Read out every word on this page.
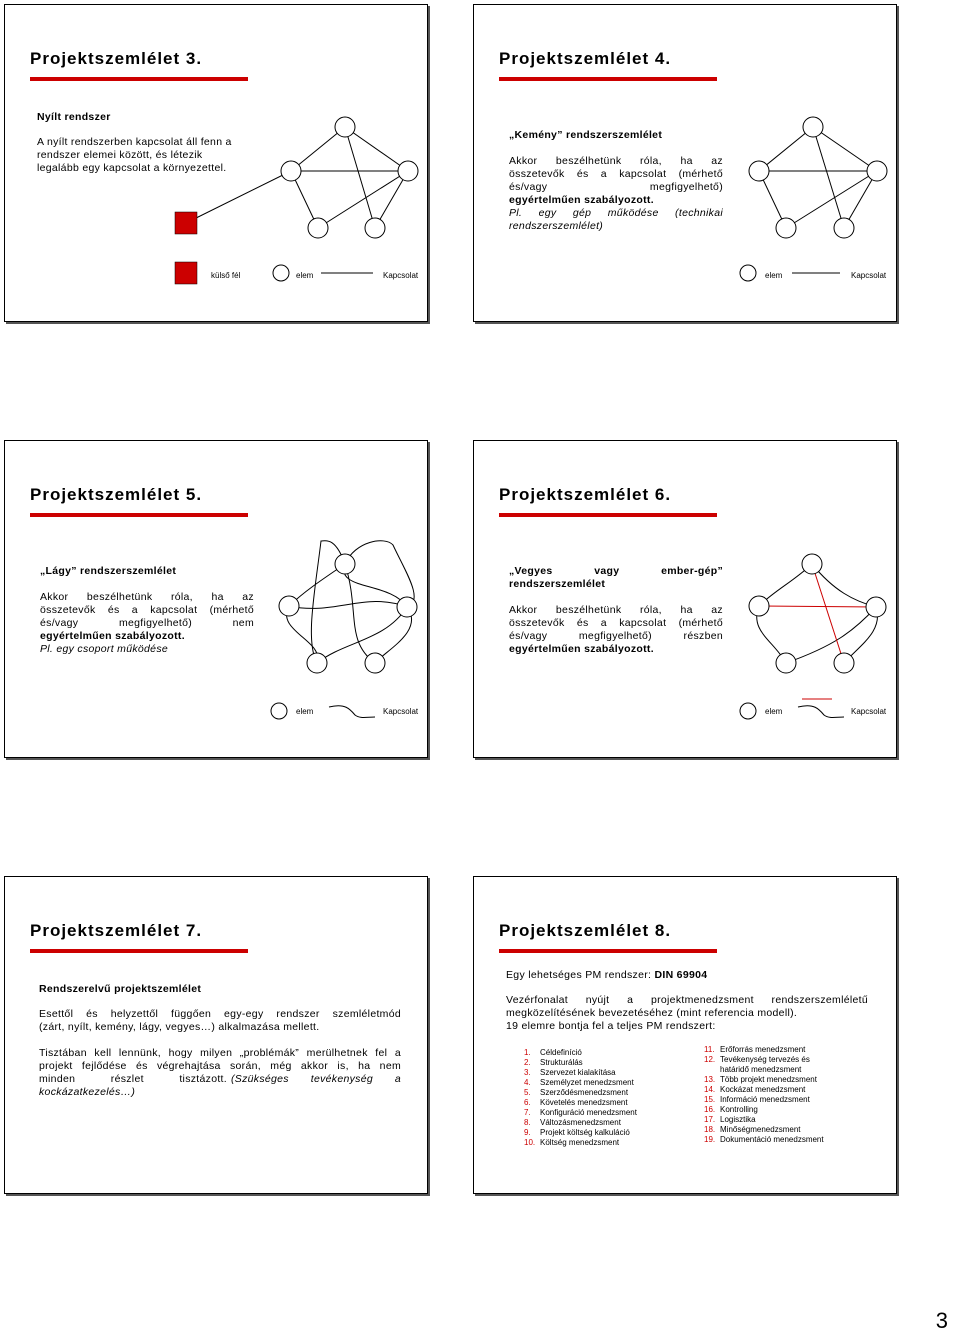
Projektszemlélet 3.
Nyílt rendszer
A nyílt rendszerben kapcsolat áll fenn a
rendszer elemei között, és létezik
legalább egy kapcsolat a környezettel.
külső fél	elem	Kapcsolat
Projektszemlélet 4.
„Kemény” rendszerszemlélet
Akkor beszélhetünk róla, ha az
összetevők és a kapcsolat (mérhető
és/vagy megfigyelhető)
egyértelműen szabályozott.
Pl. egy gép működése (technikai
rendszerszemlélet)
elem	Kapcsolat
Projektszemlélet 5.
„Lágy” rendszerszemlélet
Akkor beszélhetünk róla, ha az
összetevők és a kapcsolat (mérhető
és/vagy megfigyelhető) nem
egyértelműen szabályozott.
Pl. egy csoport működése
elem	Kapcsolat
Projektszemlélet 6.
„Vegyes vagy ember-gép”
rendszerszemlélet
Akkor beszélhetünk róla, ha az
összetevők és a kapcsolat (mérhető
és/vagy megfigyelhető) részben
egyértelműen szabályozott.
elem	Kapcsolat
Projektszemlélet 7.
Rendszerelvű projektszemlélet
Esettől és helyzettől függően egy-egy rendszer szemléletmód
(zárt, nyílt, kemény, lágy, vegyes…) alkalmazása mellett.
Tisztában kell lennünk, hogy milyen „problémák” merülhetnek fel a
projekt fejlődése és végrehajtása során, még akkor is, ha nem
minden részlet tisztázott. (Szükséges tevékenység a
kockázatkezelés…)
Projektszemlélet 8.
Egy lehetséges PM rendszer: DIN 69904
Vezérfonalat nyújt a projektmenedzsment rendszerszemléletű
megközelítésének bevezetéséhez (mint referencia modell).
19 elemre bontja fel a teljes PM rendszert:
1. Céldefiníció
2. Strukturálás
3. Szervezet kialakítása
4. Személyzet menedzsment
5. Szerződésmenedzsment
6. Követelés menedzsment
7. Konfiguráció menedzsment
8. Változásmenedzsment
9. Projekt költség kalkuláció
10. Költség menedzsment
11. Erőforrás menedzsment
12. Tevékenység tervezés és
határidő menedzsment
13. Több projekt menedzsment
14. Kockázat menedzsment
15. Információ menedzsment
16. Kontrolling
17. Logisztika
18. Minőségmenedzsment
19. Dokumentáció menedzsment
3
